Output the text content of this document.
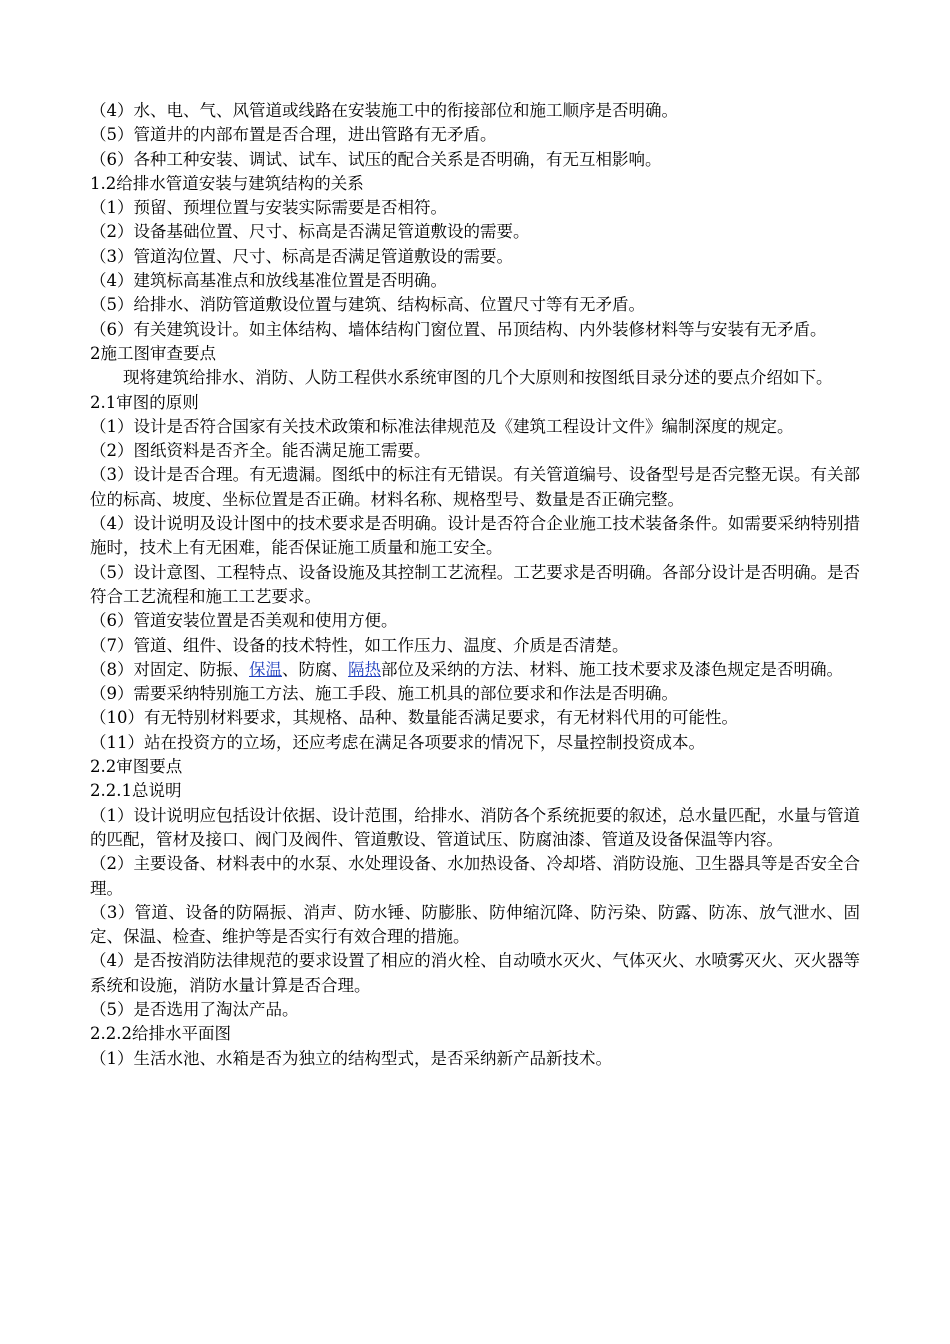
（4）水、电、气、风管道或线路在安装施工中的衔接部位和施工顺序是否明确。

（5）管道井的内部布置是否合理，进出管路有无矛盾。

（6）各种工种安装、调试、试车、试压的配合关系是否明确，有无互相影响。

1.2给排水管道安装与建筑结构的关系

（1）预留、预埋位置与安装实际需要是否相符。

（2）设备基础位置、尺寸、标高是否满足管道敷设的需要。

（3）管道沟位置、尺寸、标高是否满足管道敷设的需要。

（4）建筑标高基准点和放线基准位置是否明确。

（5）给排水、消防管道敷设位置与建筑、结构标高、位置尺寸等有无矛盾。

（6）有关建筑设计。如主体结构、墙体结构门窗位置、吊顶结构、内外装修材料等与安装有无矛盾。

2施工图审查要点

现将建筑给排水、消防、人防工程供水系统审图的几个大原则和按图纸目录分述的要点介绍如下。

2.1审图的原则

（1）设计是否符合国家有关技术政策和标准法律规范及《建筑工程设计文件》编制深度的规定。

（2）图纸资料是否齐全。能否满足施工需要。

（3）设计是否合理。有无遗漏。图纸中的标注有无错误。有关管道编号、设备型号是否完整无误。有关部位的标高、坡度、坐标位置是否正确。材料名称、规格型号、数量是否正确完整。

（4）设计说明及设计图中的技术要求是否明确。设计是否符合企业施工技术装备条件。如需要采纳特别措施时，技术上有无困难，能否保证施工质量和施工安全。

（5）设计意图、工程特点、设备设施及其控制工艺流程。工艺要求是否明确。各部分设计是否明确。是否符合工艺流程和施工工艺要求。

（6）管道安装位置是否美观和使用方便。

（7）管道、组件、设备的技术特性，如工作压力、温度、介质是否清楚。

（8）对固定、防振、保温、防腐、隔热部位及采纳的方法、材料、施工技术要求及漆色规定是否明确。

（9）需要采纳特别施工方法、施工手段、施工机具的部位要求和作法是否明确。

（10）有无特别材料要求，其规格、品种、数量能否满足要求，有无材料代用的可能性。

（11）站在投资方的立场，还应考虑在满足各项要求的情况下，尽量控制投资成本。

2.2审图要点

2.2.1总说明

（1）设计说明应包括设计依据、设计范围，给排水、消防各个系统扼要的叙述，总水量匹配，水量与管道的匹配，管材及接口、阀门及阀件、管道敷设、管道试压、防腐油漆、管道及设备保温等内容。

（2）主要设备、材料表中的水泵、水处理设备、水加热设备、冷却塔、消防设施、卫生器具等是否安全合理。

（3）管道、设备的防隔振、消声、防水锤、防膨胀、防伸缩沉降、防污染、防露、防冻、放气泄水、固定、保温、检查、维护等是否实行有效合理的措施。

（4）是否按消防法律规范的要求设置了相应的消火栓、自动喷水灭火、气体灭火、水喷雾灭火、灭火器等系统和设施，消防水量计算是否合理。

（5）是否选用了淘汰产品。

2.2.2给排水平面图

（1）生活水池、水箱是否为独立的结构型式，是否采纳新产品新技术。
